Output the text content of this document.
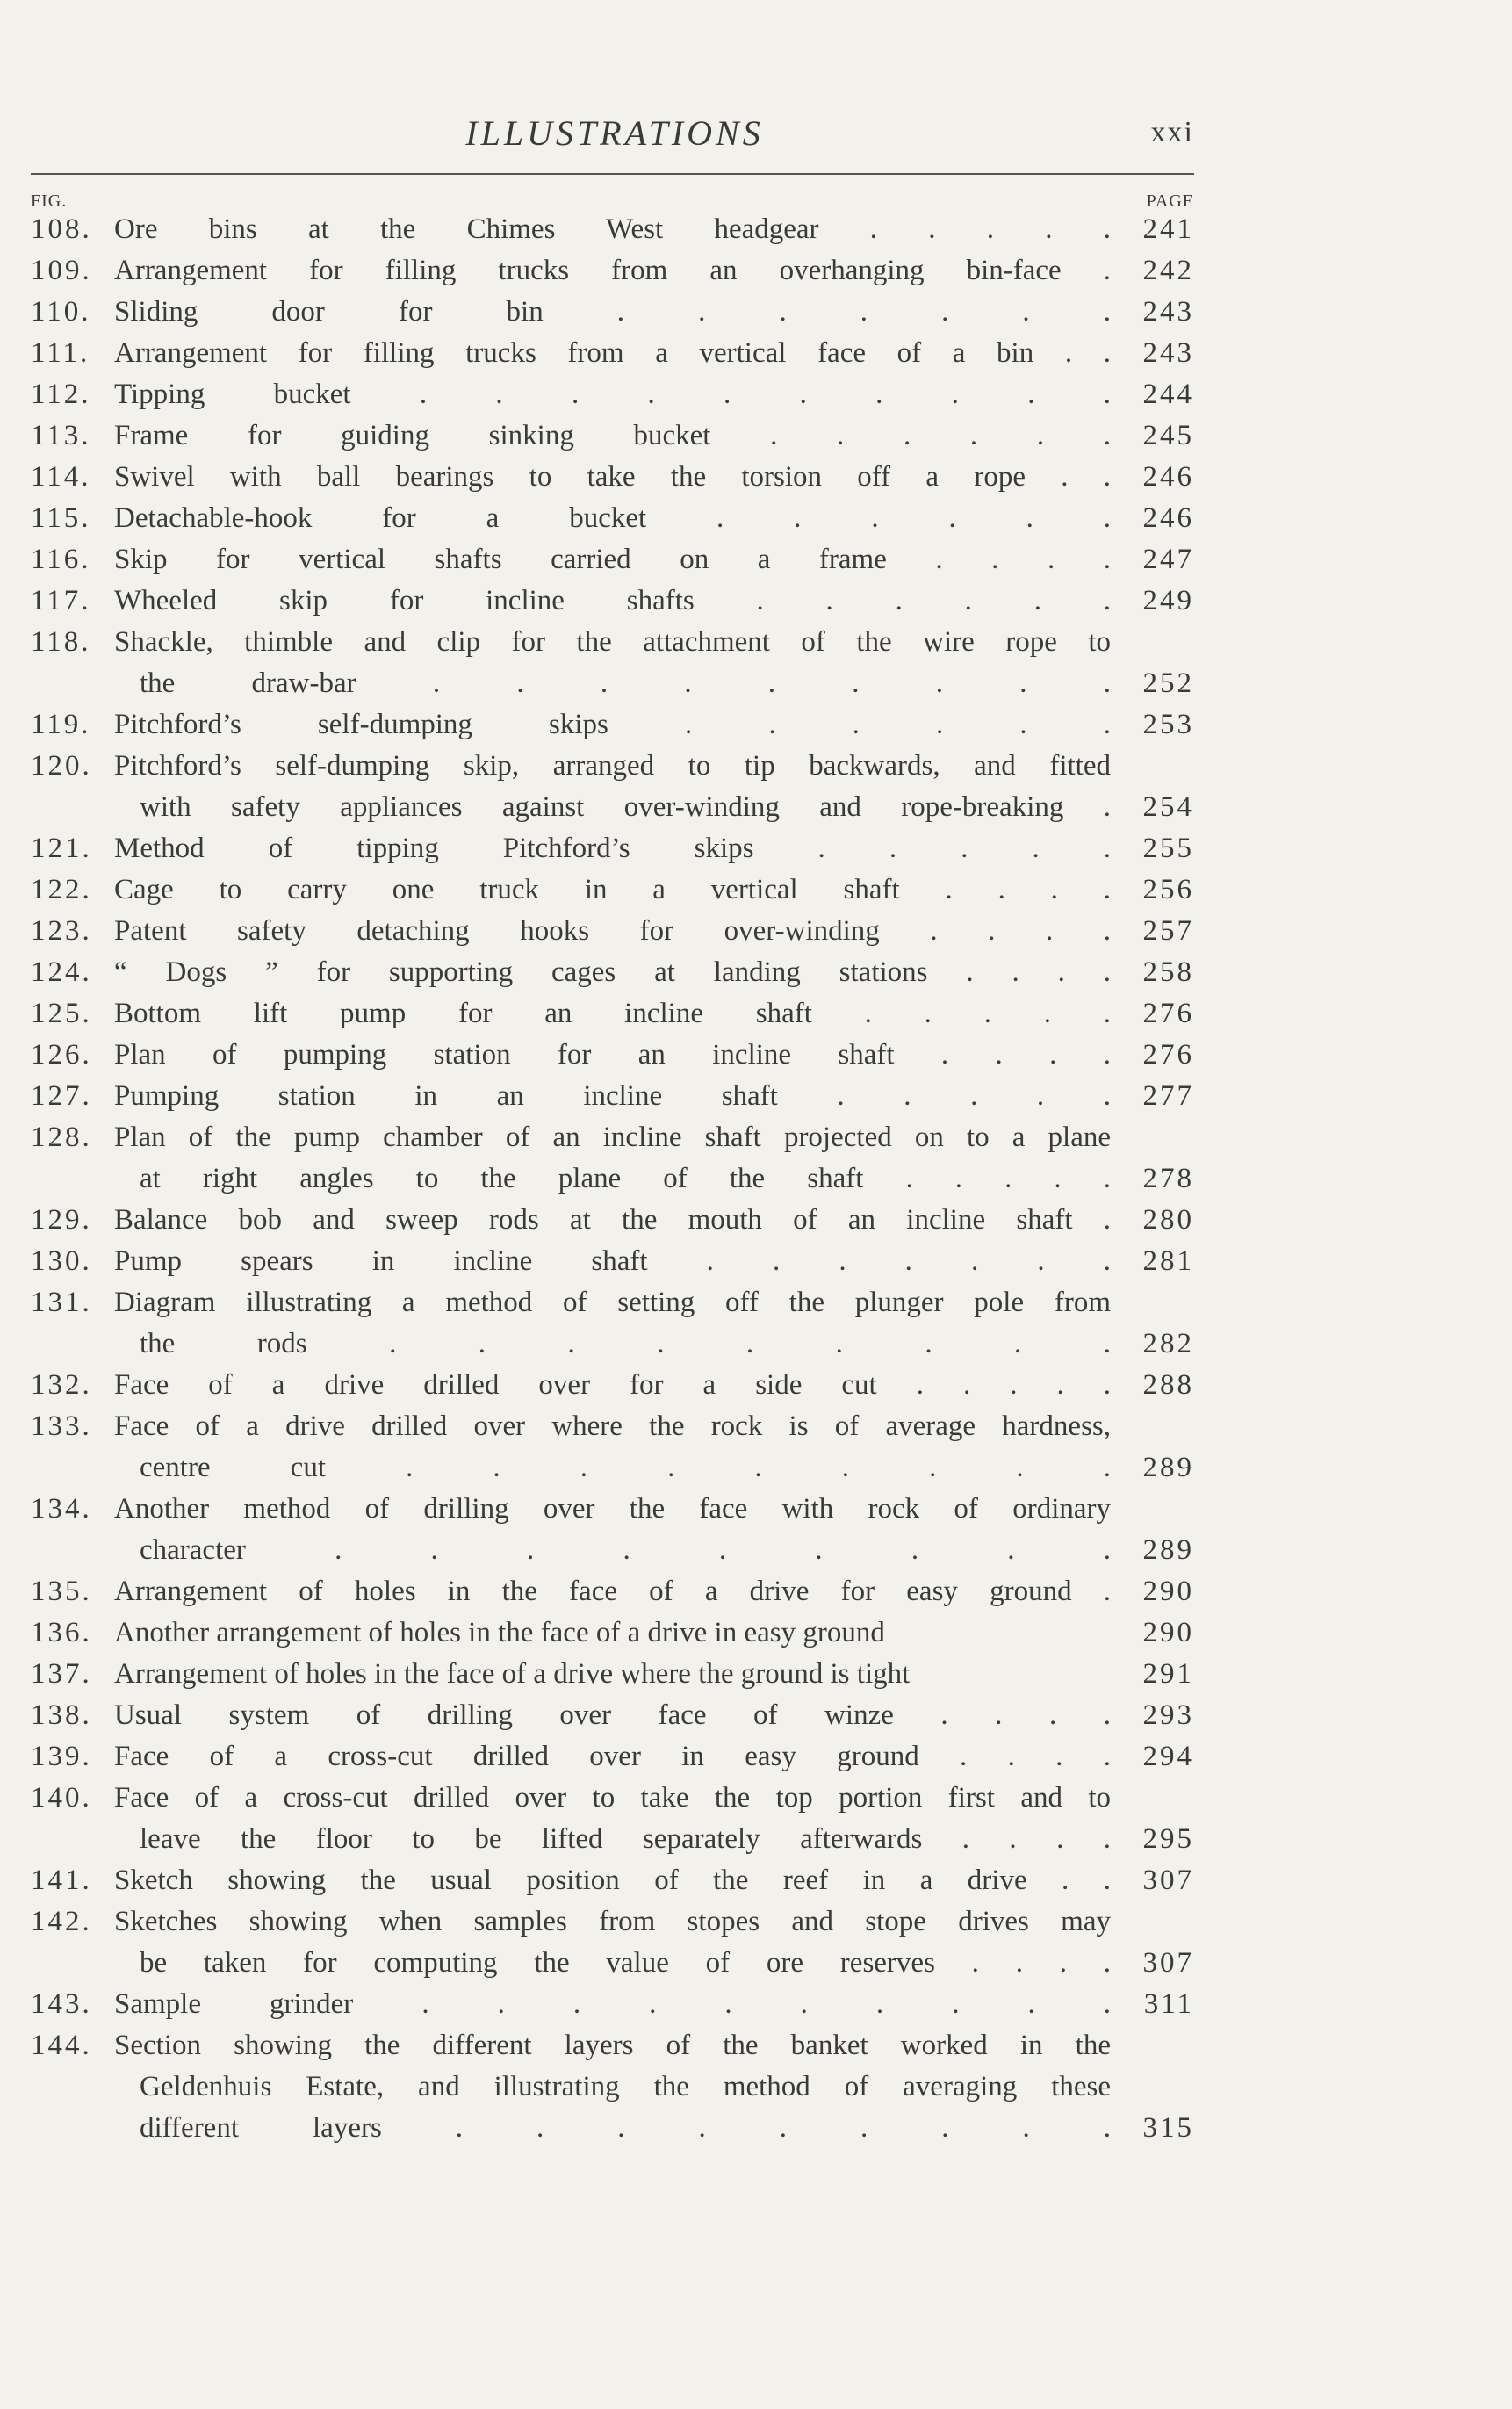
ILLUSTRATIONS	xxi
FIG.	PAGE
108. Ore bins at the Chimes West headgear . . . . .	241
109. Arrangement for filling trucks from an overhanging bin-face .	242
110. Sliding door for bin . . . . . . .	243
111. Arrangement for filling trucks from a vertical face of a bin . .	243
112. Tipping bucket . . . . . . . . . .	244
113. Frame for guiding sinking bucket . . . . . .	245
114. Swivel with ball bearings to take the torsion off a rope . .	246
115. Detachable-hook for a bucket . . . . . .	246
116. Skip for vertical shafts carried on a frame . . . .	247
117. Wheeled skip for incline shafts . . . . . .	249
118. Shackle, thimble and clip for the attachment of the wire rope to
the draw-bar . . . . . . . . .	252
119. Pitchford’s self-dumping skips . . . . . .	253
120. Pitchford’s self-dumping skip, arranged to tip backwards, and fitted
with safety appliances against over-winding and rope-breaking .	254
121. Method of tipping Pitchford’s skips . . . . .	255
122. Cage to carry one truck in a vertical shaft . . . .	256
123. Patent safety detaching hooks for over-winding . . . .	257
124. “ Dogs ” for supporting cages at landing stations . . . .	258
125. Bottom lift pump for an incline shaft . . . . .	276
126. Plan of pumping station for an incline shaft . . . .	276
127. Pumping station in an incline shaft . . . . .	277
128. Plan of the pump chamber of an incline shaft projected on to a plane
at right angles to the plane of the shaft . . . . .	278
129. Balance bob and sweep rods at the mouth of an incline shaft .	280
130. Pump spears in incline shaft . . . . . . .	281
131. Diagram illustrating a method of setting off the plunger pole from
the rods . . . . . . . . .	282
132. Face of a drive drilled over for a side cut . . . . .	288
133. Face of a drive drilled over where the rock is of average hardness,
centre cut . . . . . . . . .	289
134. Another method of drilling over the face with rock of ordinary
character . . . . . . . . .	289
135. Arrangement of holes in the face of a drive for easy ground .	290
136. Another arrangement of holes in the face of a drive in easy ground	290
137. Arrangement of holes in the face of a drive where the ground is tight	291
138. Usual system of drilling over face of winze . . . .	293
139. Face of a cross-cut drilled over in easy ground . . . .	294
140. Face of a cross-cut drilled over to take the top portion first and to
leave the floor to be lifted separately afterwards . . . .	295
141. Sketch showing the usual position of the reef in a drive . .	307
142. Sketches showing when samples from stopes and stope drives may
be taken for computing the value of ore reserves . . . .	307
143. Sample grinder . . . . . . . . . .	311
144. Section showing the different layers of the banket worked in the
Geldenhuis Estate, and illustrating the method of averaging these
different layers . . . . . . . . .	315
